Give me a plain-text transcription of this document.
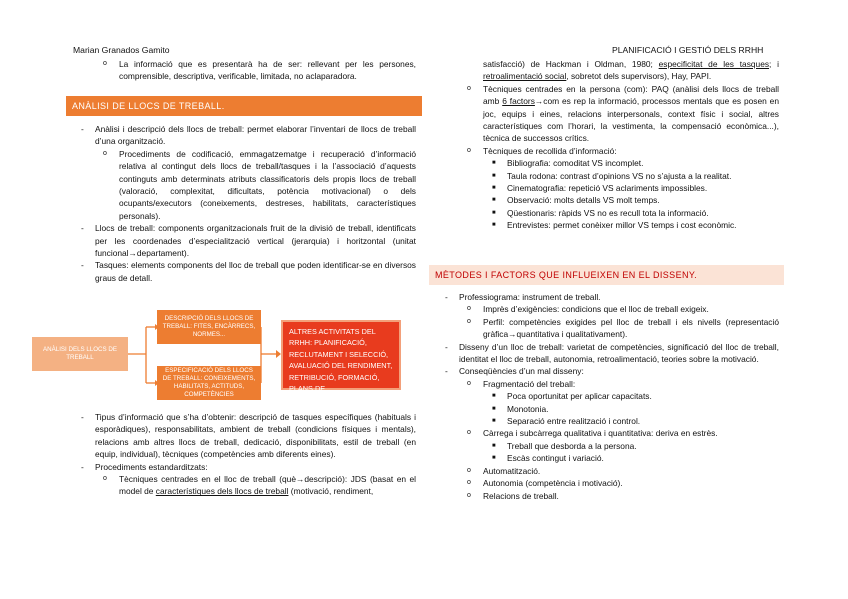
Marian Granados Gamito	PLANIFICACIÓ I GESTIÓ DELS RRHH

o La informació que es presentarà ha de ser: rellevant per les persones, comprensible, descriptiva, verificable, limitada, no aclaparadora.

ANÀLISI DE LLOCS DE TREBALL.

- Anàlisi i descripció dels llocs de treball: permet elaborar l’inventari de llocs de treball d’una organització.

o Procediments de codificació, emmagatzematge i recuperació d’informació relativa al contingut dels llocs de treball/tasques i la l’associació d’aquests continguts amb determinats atributs classificatoris dels propis llocs de treball (valoració, complexitat, dificultats, potència motivacional) o dels ocupants/executors (coneixements, destreses, habilitats, característiques personals).

- Llocs de treball: components organitzacionals fruit de la divisió de treball, identificats per les coordenades d’especialització vertical (jerarquia) i horitzontal (unitat funcional→departament).

- Tasques: elements components del lloc de treball que poden identificar-se en diversos graus de detall.

ANÀLISI DELS LLOCS DE TREBALL
DESCRIPCIÓ DELS LLOCS DE TREBALL: FITES, ENCÀRRECS, NORMES...
ESPECIFICACIÓ DELS LLOCS DE TREBALL: CONEIXEMENTS, HABILITATS, ACTITUDS, COMPETÈNCIES
ALTRES ACTIVITATS DEL RRHH: PLANIFICACIÓ, RECLUTAMENT I SELECCIÓ, AVALUACIÓ DEL RENDIMENT, RETRIBUCIÓ, FORMACIÓ, PLANS DE DESENVOLUPAMENT.

- Tipus d’informació que s’ha d’obtenir: descripció de tasques específiques (habituals i esporàdiques), responsabilitats, ambient de treball (condicions físiques i mentals), relacions amb altres llocs de treball, dedicació, disponibilitats, estil de treball (en equip, individual), tècniques (competències amb diferents eines).

- Procediments estandarditzats:

o Tècniques centrades en el lloc de treball (què→descripció): JDS (basat en el model de característiques dels llocs de treball (motivació, rendiment,

satisfacció) de Hackman i Oldman, 1980; especificitat de les tasques; i retroalimentació social, sobretot dels supervisors), Hay, PAPI.

o Tècniques centrades en la persona (com): PAQ (anàlisi dels llocs de treball amb 6 factors→com es rep la informació, processos mentals que es posen en joc, equips i eines, relacions interpersonals, context físic i social, altres característiques com l’horari, la vestimenta, la compensació econòmica...), tècnica de successos crítics.

o Tècniques de recollida d’informació:

■ Bibliografia: comoditat VS incomplet.

■ Taula rodona: contrast d’opinions VS no s’ajusta a la realitat.

■ Cinematografia: repetició VS aclariments impossibles.

■ Observació: molts detalls VS molt temps.

■ Qüestionaris: ràpids VS no es recull tota la informació.

■ Entrevistes: permet conèixer millor VS temps i cost econòmic.

MÈTODES I FACTORS QUE INFLUEIXEN EN EL DISSENY.

- Professiograma: instrument de treball.

o Imprès d’exigències: condicions que el lloc de treball exigeix.

o Perfil: competències exigides pel lloc de treball i els nivells (representació gràfica→quantitativa i qualitativament).

- Disseny d’un lloc de treball: varietat de competències, significació del lloc de treball, identitat el lloc de treball, autonomia, retroalimentació, teories sobre la motivació.

- Conseqüències d’un mal disseny:

o Fragmentació del treball:

■ Poca oportunitat per aplicar capacitats.

■ Monotonia.

■ Separació entre realització i control.

o Càrrega i subcàrrega qualitativa i quantitativa: deriva en estrès.

■ Treball que desborda a la persona.

■ Escàs contingut i variació.

o Automatització.

o Autonomia (competència i motivació).

o Relacions de treball.
